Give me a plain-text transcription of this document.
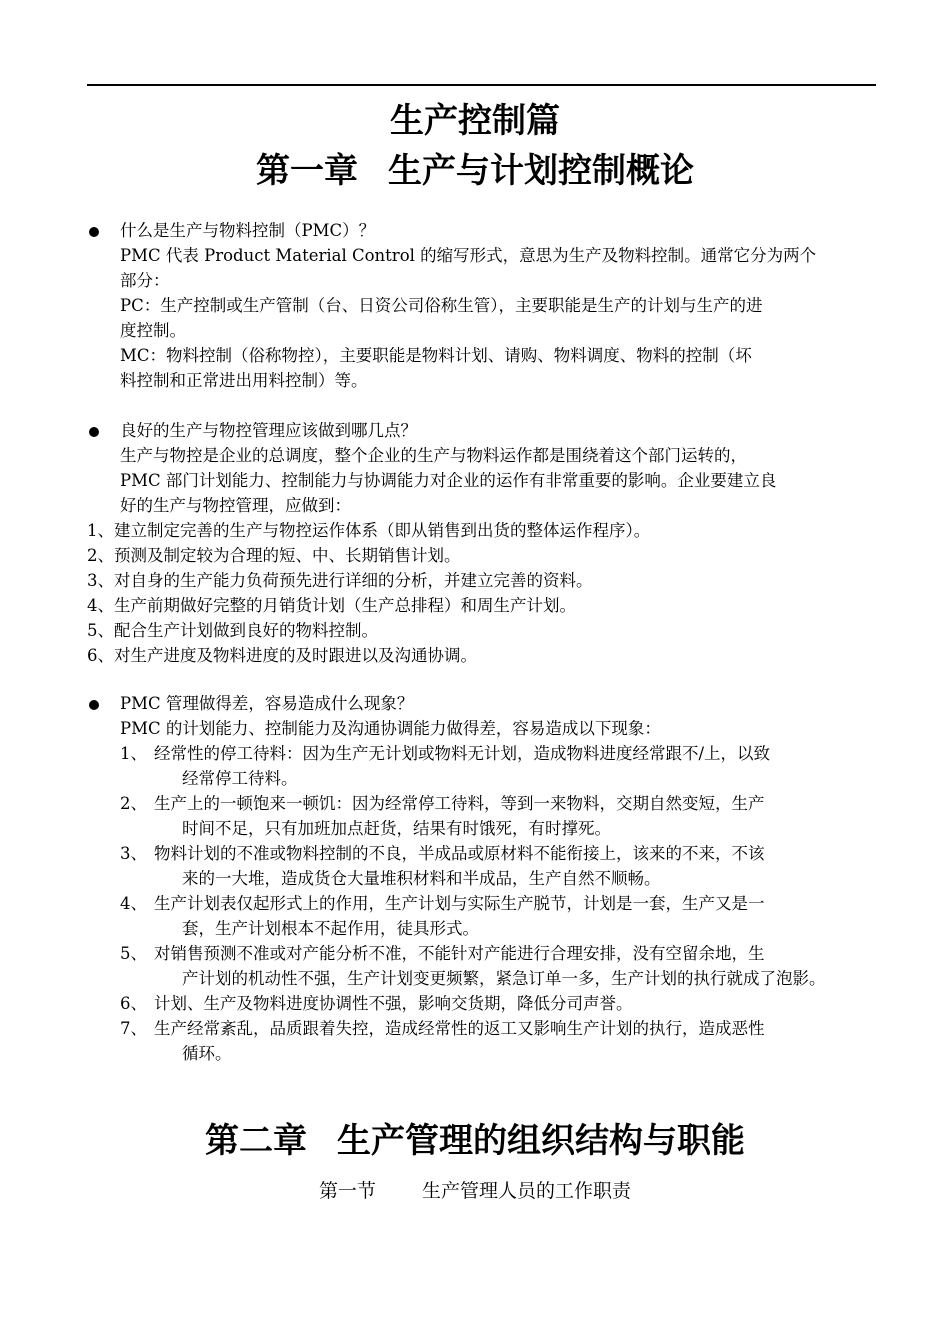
生产控制篇
第一章 生产与计划控制概论
什么是生产与物料控制（PMC）？
PMC 代表 Product Material Control 的缩写形式，意思为生产及物料控制。通常它分为两个
部分：
PC：生产控制或生产管制（台、日资公司俗称生管），主要职能是生产的计划与生产的进
度控制。
MC：物料控制（俗称物控），主要职能是物料计划、请购、物料调度、物料的控制（坏
料控制和正常进出用料控制）等。
良好的生产与物控管理应该做到哪几点？
生产与物控是企业的总调度，整个企业的生产与物料运作都是围绕着这个部门运转的，
PMC 部门计划能力、控制能力与协调能力对企业的运作有非常重要的影响。企业要建立良
好的生产与物控管理，应做到：
1、建立制定完善的生产与物控运作体系（即从销售到出货的整体运作程序）。
2、预测及制定较为合理的短、中、长期销售计划。
3、对自身的生产能力负荷预先进行详细的分析，并建立完善的资料。
4、生产前期做好完整的月销货计划（生产总排程）和周生产计划。
5、配合生产计划做到良好的物料控制。
6、对生产进度及物料进度的及时跟进以及沟通协调。
PMC 管理做得差，容易造成什么现象？
PMC 的计划能力、控制能力及沟通协调能力做得差，容易造成以下现象：
1、 经常性的停工待料：因为生产无计划或物料无计划，造成物料进度经常跟不/上，以致
经常停工待料。
2、 生产上的一顿饱来一顿饥：因为经常停工待料，等到一来物料，交期自然变短，生产
时间不足，只有加班加点赶货，结果有时饿死，有时撑死。
3、 物料计划的不准或物料控制的不良，半成品或原材料不能衔接上，该来的不来，不该
来的一大堆，造成货仓大量堆积材料和半成品，生产自然不顺畅。
4、 生产计划表仅起形式上的作用，生产计划与实际生产脱节，计划是一套，生产又是一
套，生产计划根本不起作用，徒具形式。
5、 对销售预测不准或对产能分析不准，不能针对产能进行合理安排，没有空留余地，生
产计划的机动性不强，生产计划变更频繁，紧急订单一多，生产计划的执行就成了泡影。
6、 计划、生产及物料进度协调性不强，影响交货期，降低分司声誉。
7、 生产经常紊乱，品质跟着失控，造成经常性的返工又影响生产计划的执行，造成恶性
循环。
第二章 生产管理的组织结构与职能
第一节 生产管理人员的工作职责
